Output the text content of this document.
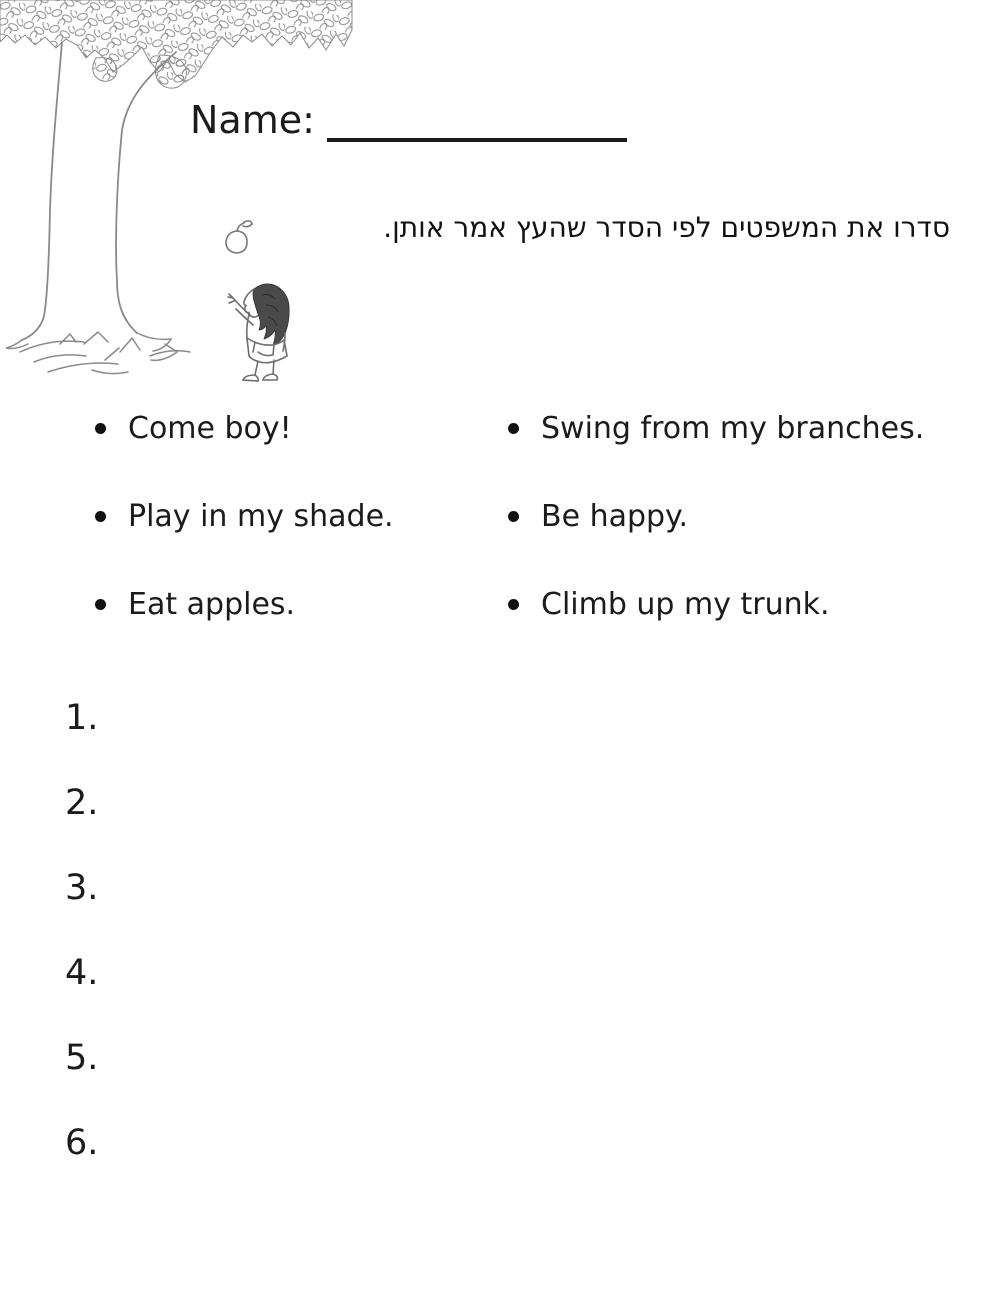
Name:
סדרו את המשפטים לפי הסדר שהעץ אמר אותן.
Come boy!
Play in my shade.
Eat apples.
Swing from my branches.
Be happy.
Climb up my trunk.
1.
2.
3.
4.
5.
6.
